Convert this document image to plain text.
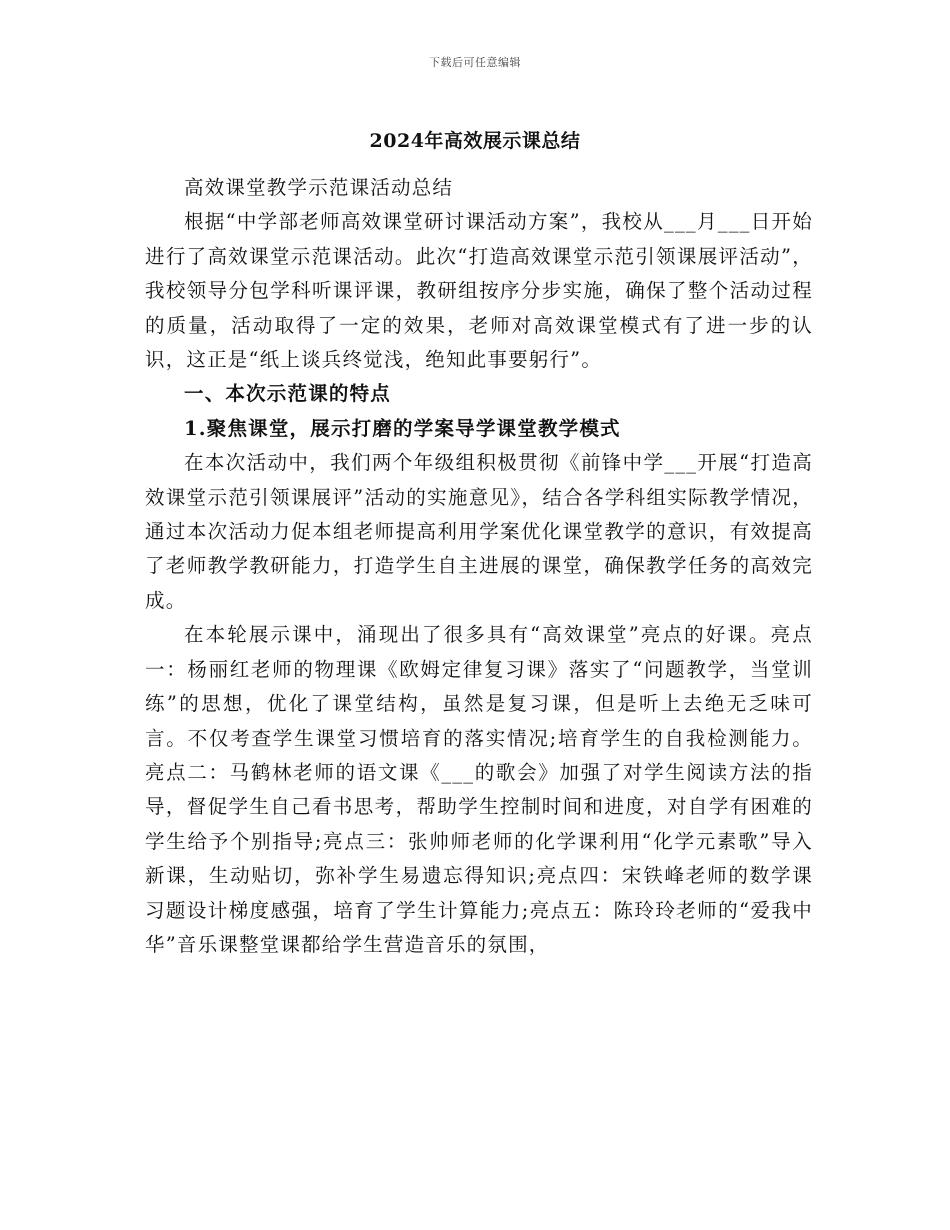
下载后可任意编辑
2024年高效展示课总结

高效课堂教学示范课活动总结

根据“中学部老师高效课堂研讨课活动方案”，我校从___月___日开始进行了高效课堂示范课活动。此次“打造高效课堂示范引领课展评活动”，我校领导分包学科听课评课，教研组按序分步实施，确保了整个活动过程的质量，活动取得了一定的效果，老师对高效课堂模式有了进一步的认识，这正是“纸上谈兵终觉浅，绝知此事要躬行”。

一、本次示范课的特点

1.聚焦课堂，展示打磨的学案导学课堂教学模式

在本次活动中，我们两个年级组积极贯彻《前锋中学___开展“打造高效课堂示范引领课展评”活动的实施意见》，结合各学科组实际教学情况，通过本次活动力促本组老师提高利用学案优化课堂教学的意识，有效提高了老师教学教研能力，打造学生自主进展的课堂，确保教学任务的高效完成。

在本轮展示课中，涌现出了很多具有“高效课堂”亮点的好课。亮点一：杨丽红老师的物理课《欧姆定律复习课》落实了“问题教学，当堂训练”的思想，优化了课堂结构，虽然是复习课，但是听上去绝无乏味可言。不仅考查学生课堂习惯培育的落实情况;培育学生的自我检测能力。亮点二：马鹤林老师的语文课《___的歌会》加强了对学生阅读方法的指导，督促学生自己看书思考，帮助学生控制时间和进度，对自学有困难的学生给予个别指导;亮点三：张帅师老师的化学课利用“化学元素歌”导入新课，生动贴切，弥补学生易遗忘得知识;亮点四：宋铁峰老师的数学课习题设计梯度感强，培育了学生计算能力;亮点五：陈玲玲老师的“爱我中华”音乐课整堂课都给学生营造音乐的氛围，
